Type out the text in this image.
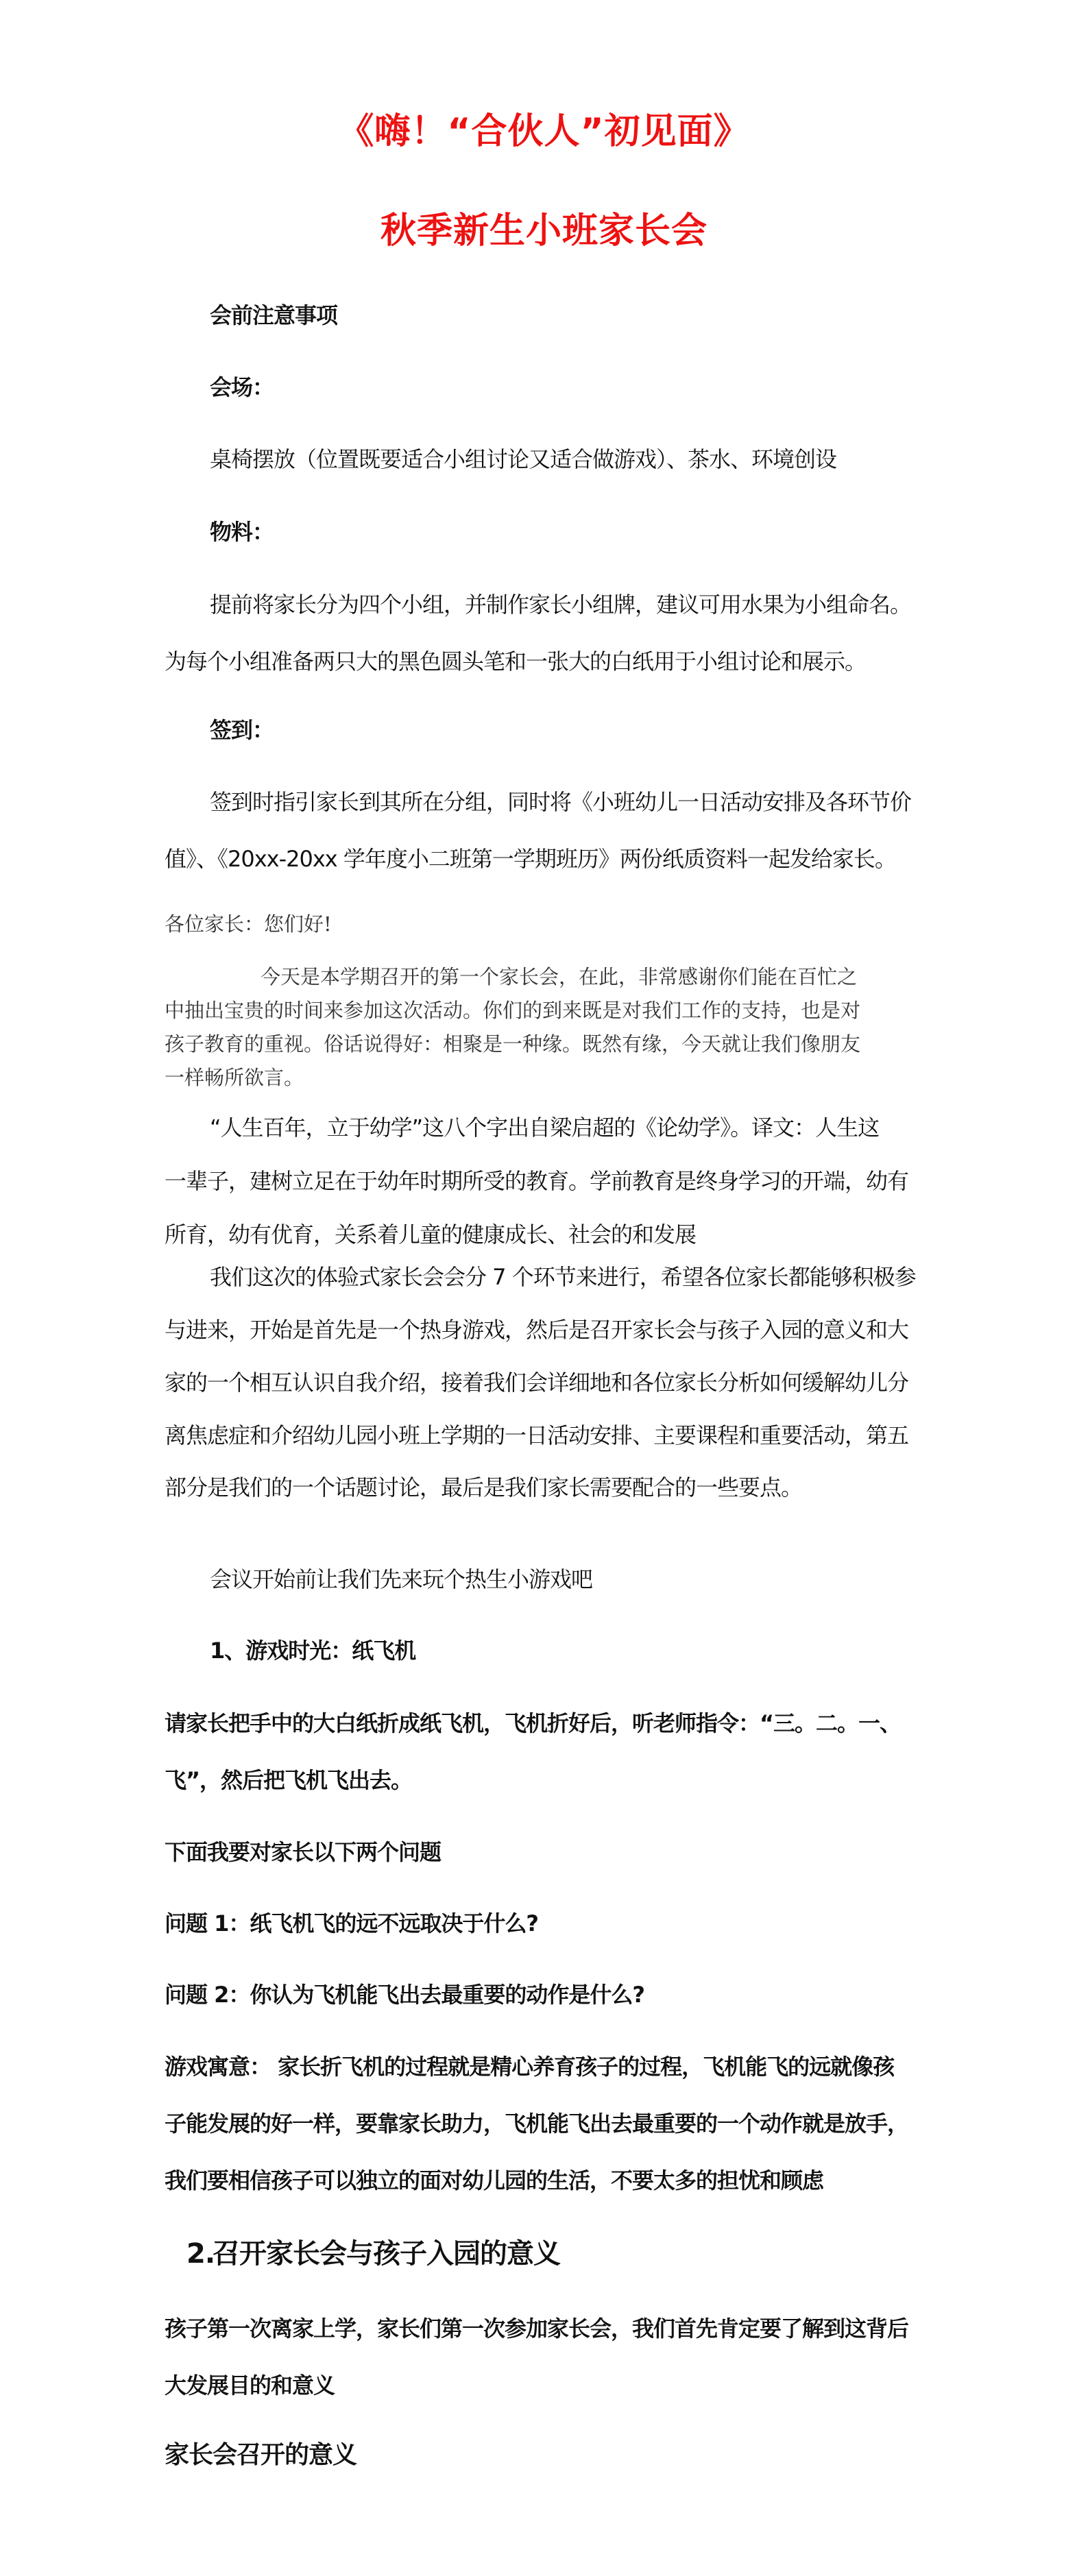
《嗨！“合伙人”初见面》
秋季新生小班家长会
会前注意事项
会场：
桌椅摆放（位置既要适合小组讨论又适合做游戏）、茶水、环境创设
物料：
提前将家长分为四个小组，并制作家长小组牌，建议可用水果为小组命名。
为每个小组准备两只大的黑色圆头笔和一张大的白纸用于小组讨论和展示。
签到：
签到时指引家长到其所在分组，同时将《小班幼儿一日活动安排及各环节价
值》、《20xx-20xx 学年度小二班第一学期班历》两份纸质资料一起发给家长。
各位家长：您们好!
今天是本学期召开的第一个家长会，在此，非常感谢你们能在百忙之
中抽出宝贵的时间来参加这次活动。你们的到来既是对我们工作的支持，也是对
孩子教育的重视。俗话说得好：相聚是一种缘。既然有缘，今天就让我们像朋友
一样畅所欲言。
“人生百年，立于幼学”这八个字出自梁启超的《论幼学》。译文：人生这
一辈子，建树立足在于幼年时期所受的教育。学前教育是终身学习的开端，幼有
所育，幼有优育，关系着儿童的健康成长、社会的和发展
我们这次的体验式家长会会分 7 个环节来进行，希望各位家长都能够积极参
与进来，开始是首先是一个热身游戏，然后是召开家长会与孩子入园的意义和大
家的一个相互认识自我介绍，接着我们会详细地和各位家长分析如何缓解幼儿分
离焦虑症和介绍幼儿园小班上学期的一日活动安排、主要课程和重要活动，第五
部分是我们的一个话题讨论，最后是我们家长需要配合的一些要点。
会议开始前让我们先来玩个热生小游戏吧
1、游戏时光：纸飞机
请家长把手中的大白纸折成纸飞机，飞机折好后，听老师指令：“三。二。一、
飞”，然后把飞机飞出去。
下面我要对家长以下两个问题
问题 1：纸飞机飞的远不远取决于什么?
问题 2：你认为飞机能飞出去最重要的动作是什么?
游戏寓意： 家长折飞机的过程就是精心养育孩子的过程，飞机能飞的远就像孩
子能发展的好一样，要靠家长助力，飞机能飞出去最重要的一个动作就是放手，
我们要相信孩子可以独立的面对幼儿园的生活，不要太多的担忧和顾虑
2.
召开家长会与孩子入园的意义
孩子第一次离家上学，家长们第一次参加家长会，我们首先肯定要了解到这背后
大发展目的和意义
家长会召开的意义
